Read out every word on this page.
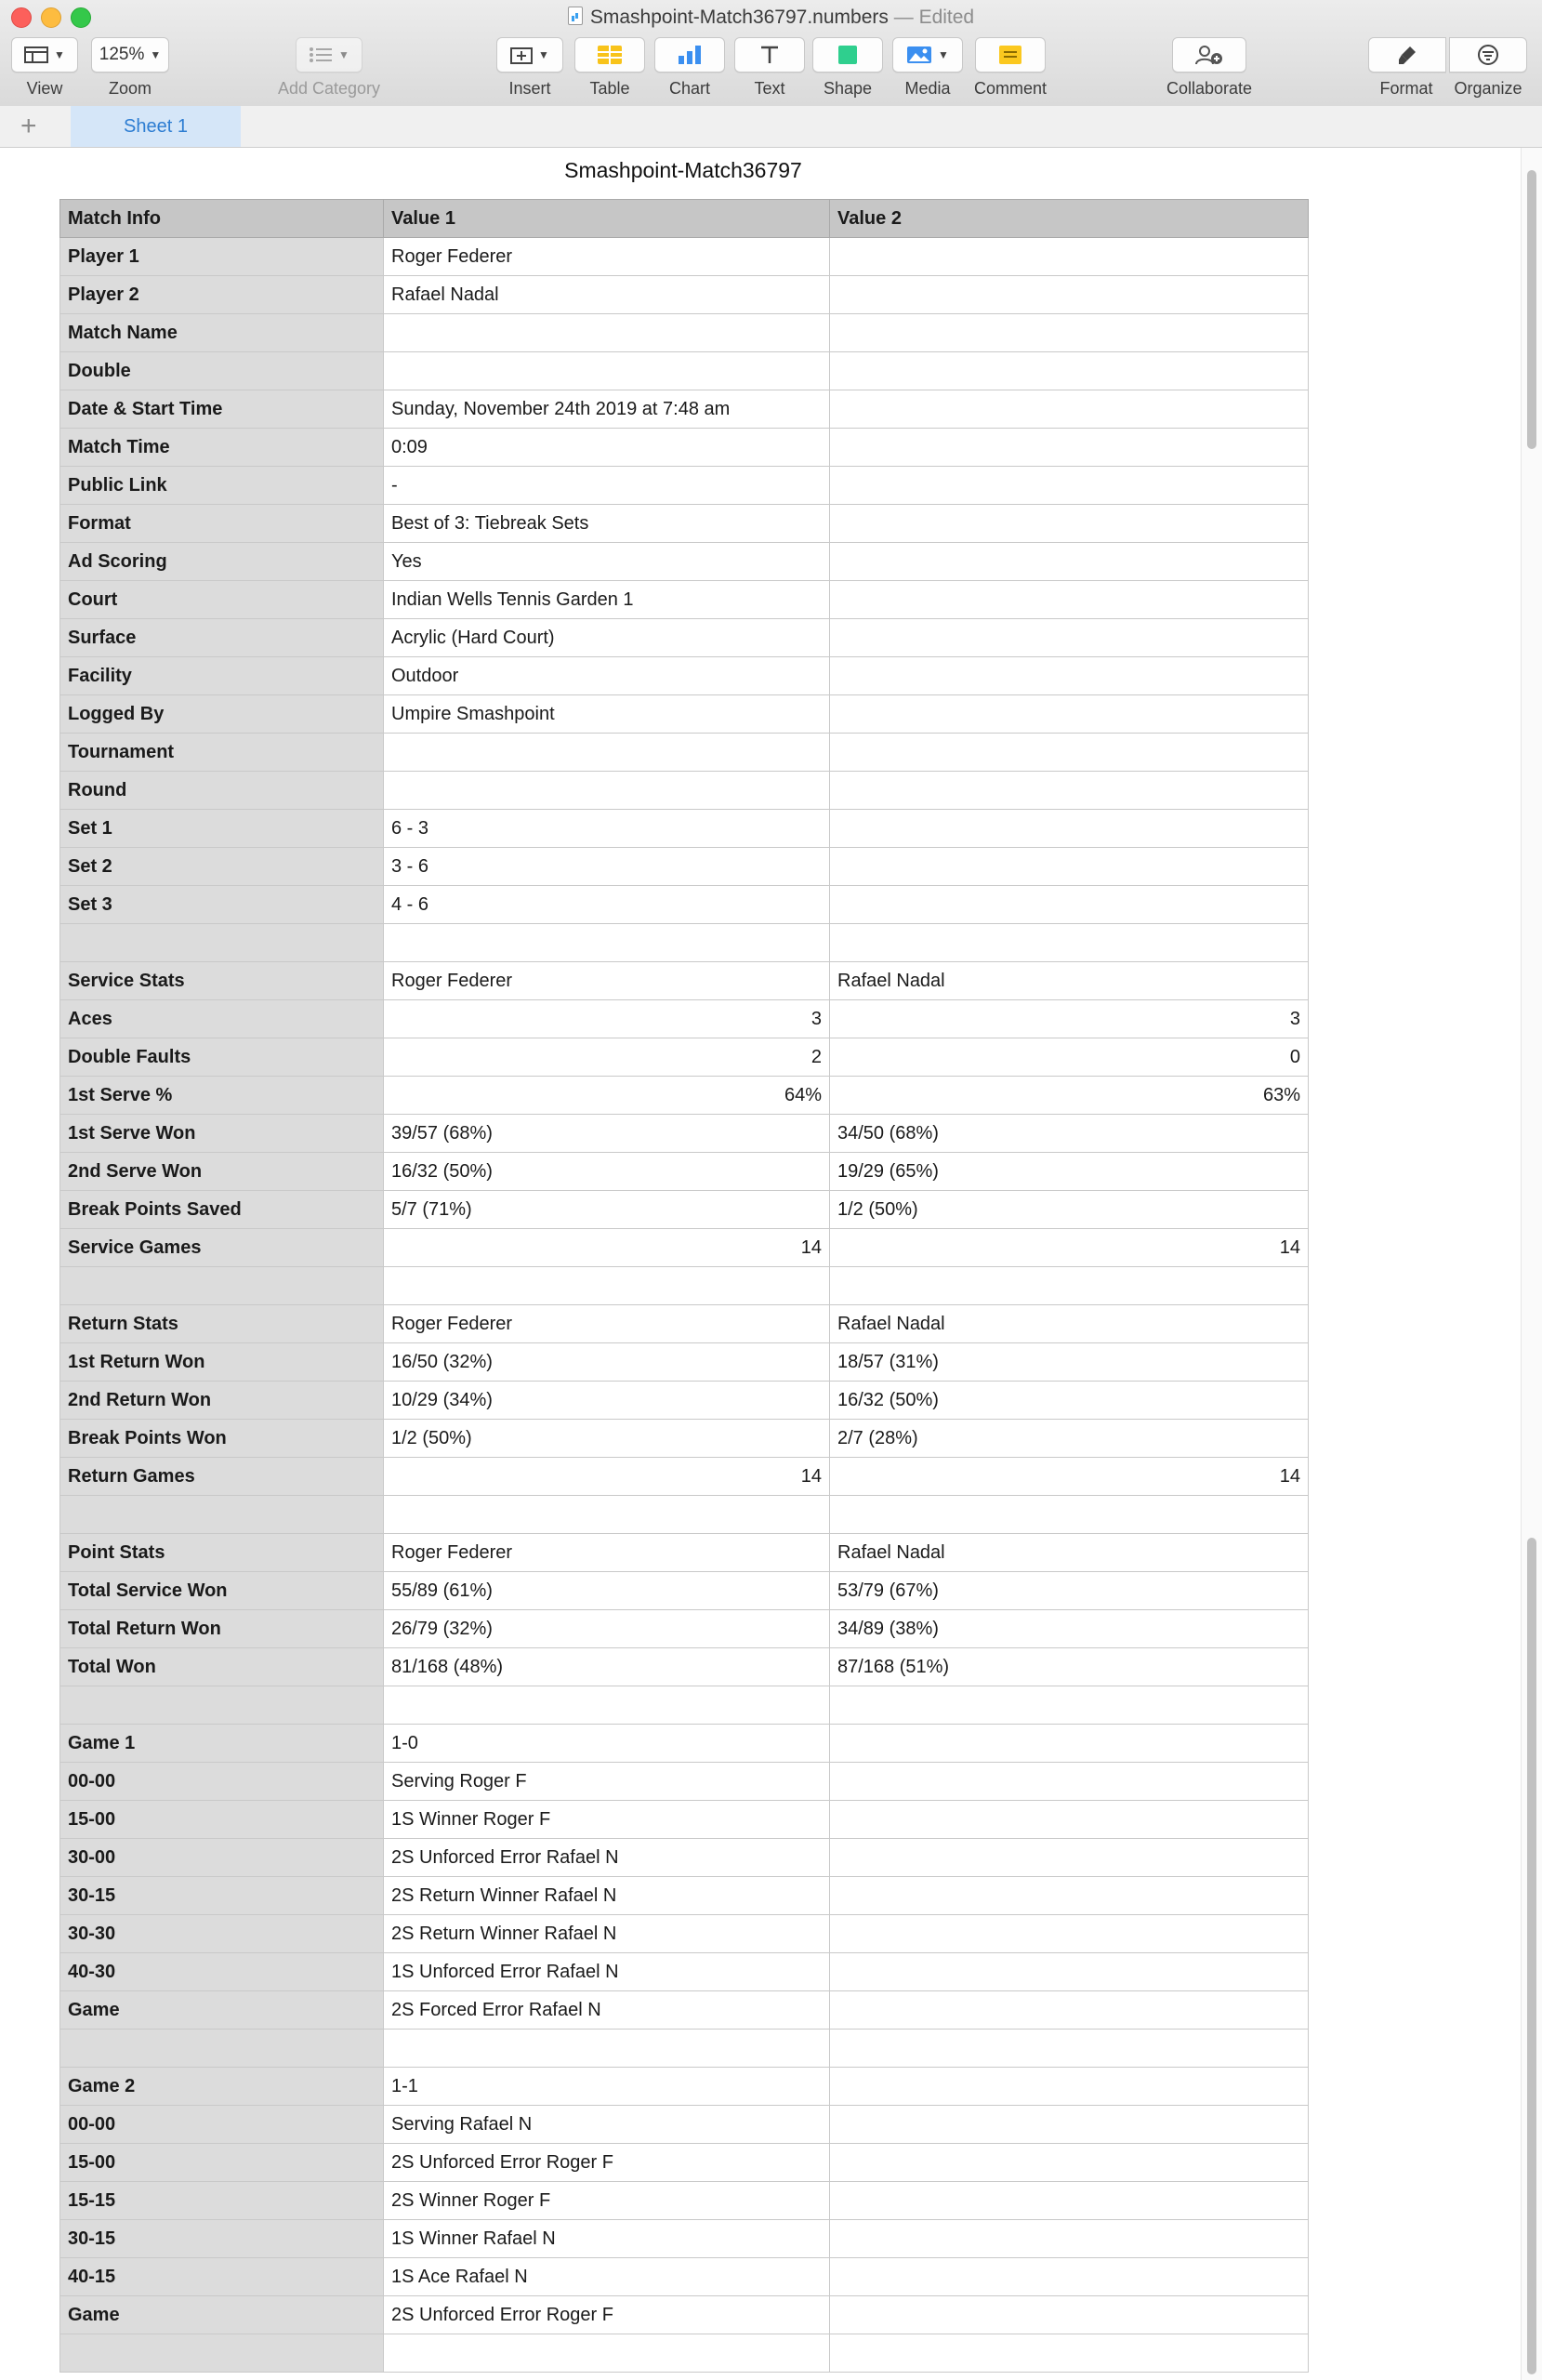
Smashpoint-Match36797.numbers — Edited
▼
View
125% ▼
Zoom
▼
Add Category
▼
Insert	Table	Chart	Text	Shape
▼
Media	Comment	Collaborate	Format	Organize
+	Sheet 1
Smashpoint-Match36797
Match Info	Value 1	Value 2
Player 1	Roger Federer	
Player 2	Rafael Nadal	
Match Name		
Double		
Date & Start Time	Sunday, November 24th 2019 at 7:48 am	
Match Time	0:09	
Public Link	-	
Format	Best of 3: Tiebreak Sets	
Ad Scoring	Yes	
Court	Indian Wells Tennis Garden 1	
Surface	Acrylic (Hard Court)	
Facility	Outdoor	
Logged By	Umpire Smashpoint	
Tournament		
Round		
Set 1	6 - 3	
Set 2	3 - 6	
Set 3	4 - 6	

Service Stats	Roger Federer	Rafael Nadal
Aces	3	3
Double Faults	2	0
1st Serve %	64%	63%
1st Serve Won	39/57 (68%)	34/50 (68%)
2nd Serve Won	16/32 (50%)	19/29 (65%)
Break Points Saved	5/7 (71%)	1/2 (50%)
Service Games	14	14

Return Stats	Roger Federer	Rafael Nadal
1st Return Won	16/50 (32%)	18/57 (31%)
2nd Return Won	10/29 (34%)	16/32 (50%)
Break Points Won	1/2 (50%)	2/7 (28%)
Return Games	14	14

Point Stats	Roger Federer	Rafael Nadal
Total Service Won	55/89 (61%)	53/79 (67%)
Total Return Won	26/79 (32%)	34/89 (38%)
Total Won	81/168 (48%)	87/168 (51%)

Game 1	1-0	
00-00	Serving Roger F	
15-00	1S Winner Roger F	
30-00	2S Unforced Error Rafael N	
30-15	2S Return Winner Rafael N	
30-30	2S Return Winner Rafael N	
40-30	1S Unforced Error Rafael N	
Game	2S Forced Error Rafael N	

Game 2	1-1	
00-00	Serving Rafael N	
15-00	2S Unforced Error Roger F	
15-15	2S Winner Roger F	
30-15	1S Winner Rafael N	
40-15	1S Ace Rafael N	
Game	2S Unforced Error Roger F	
